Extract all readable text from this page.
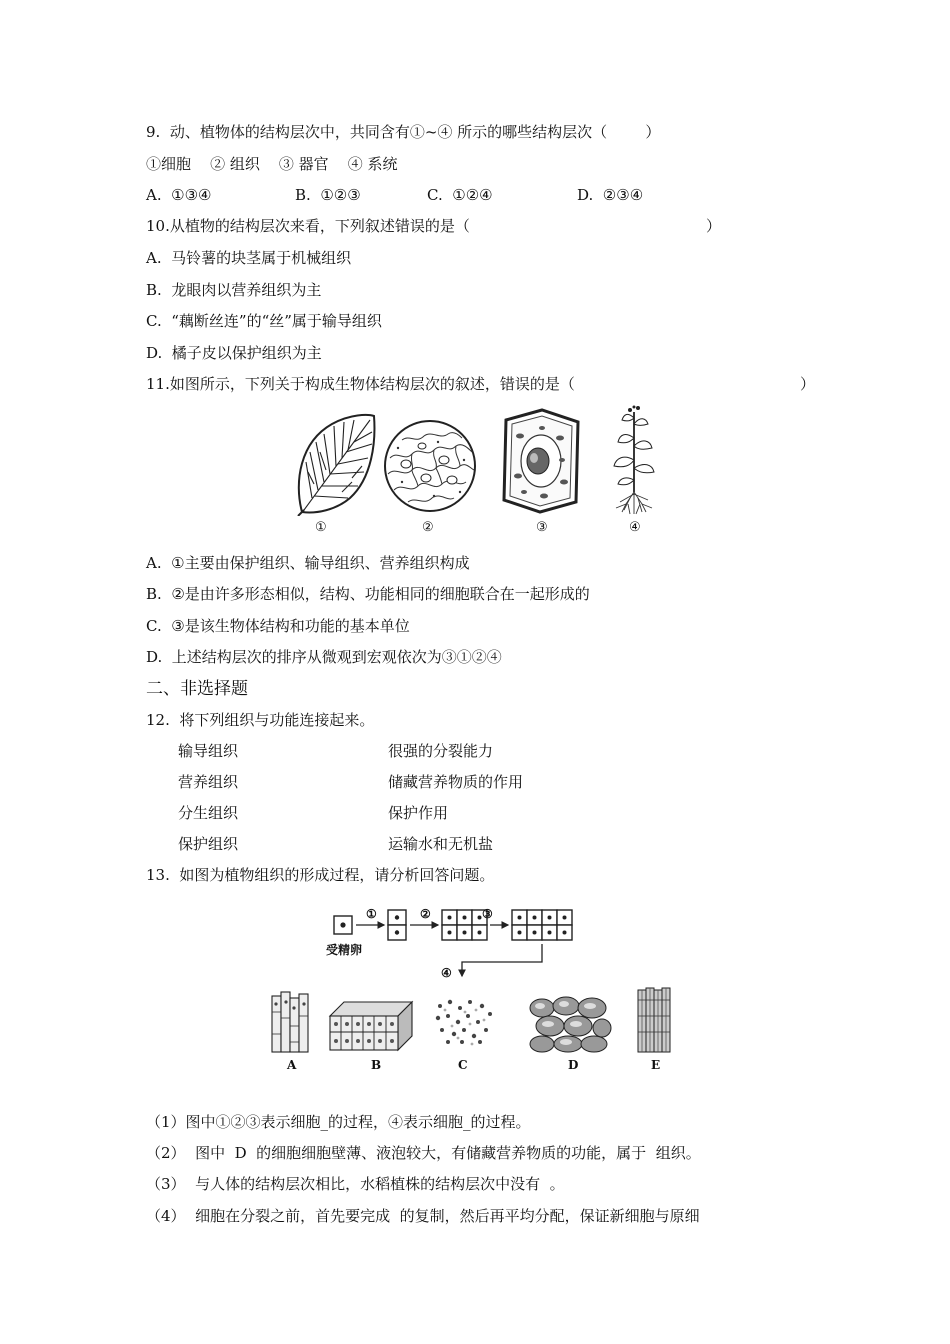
9.  动、植物体的结构层次中，共同含有①~④ 所示的哪些结构层次（        ）
①细胞    ② 组织    ③ 器官    ④ 系统
A.  ①③④	B.  ①②③	C.  ①②④	D.  ②③④
10.从植物的结构层次来看，下列叙述错误的是（	）
A.  马铃薯的块茎属于机械组织
B.  龙眼肉以营养组织为主
C.  “藕断丝连”的“丝”属于输导组织
D.  橘子皮以保护组织为主
11.如图所示，下列关于构成生物体结构层次的叙述，错误的是（	）
①	②	③	④
A.  ①主要由保护组织、输导组织、营养组织构成
B.  ②是由许多形态相似，结构、功能相同的细胞联合在一起形成的
C.  ③是该生物体结构和功能的基本单位
D.  上述结构层次的排序从微观到宏观依次为③①②④
二、非选择题
12.  将下列组织与功能连接起来。
输导组织	很强的分裂能力
营养组织	储藏营养物质的作用
分生组织	保护作用
保护组织	运输水和无机盐
13.  如图为植物组织的形成过程，请分析回答问题。
①	②	③
④
受精卵
A	B	C	D	E
（1）图中①②③表示细胞_的过程，④表示细胞_的过程。
（2）  图中  D  的细胞细胞壁薄、液泡较大，有储藏营养物质的功能，属于  组织。
（3）  与人体的结构层次相比，水稻植株的结构层次中没有  。
（4）  细胞在分裂之前，首先要完成  的复制，然后再平均分配，保证新细胞与原细
